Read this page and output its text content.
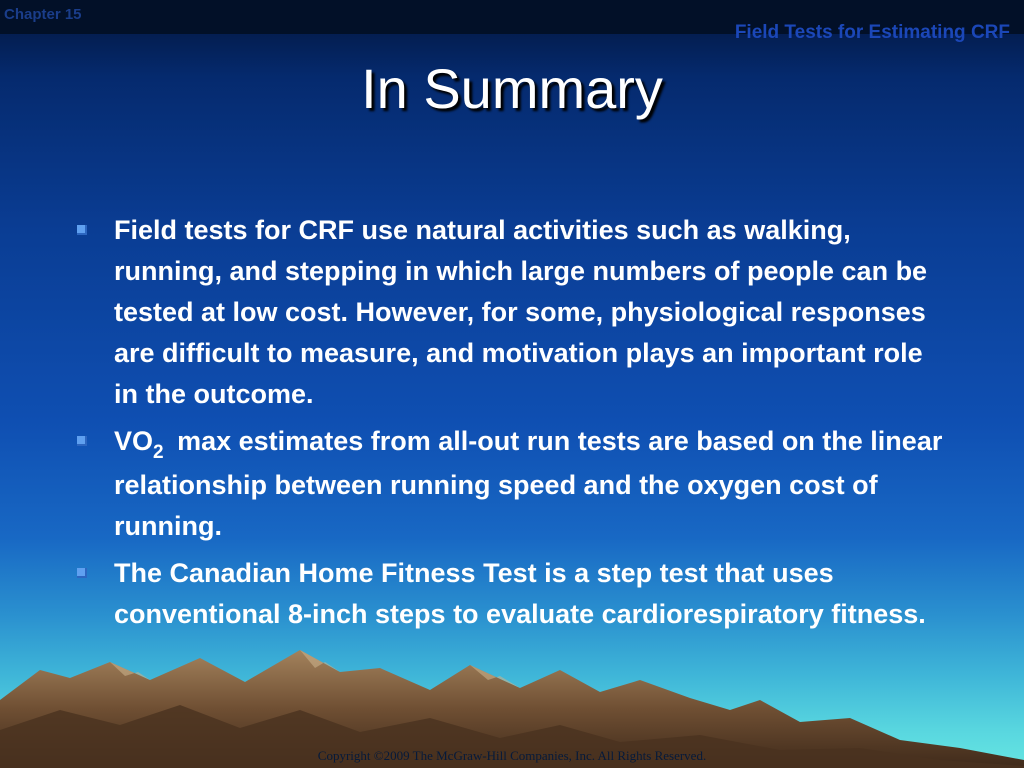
Chapter 15
Field Tests for Estimating CRF
In Summary
Field tests for CRF use natural activities such as walking, running, and stepping in which large numbers of people can be tested at low cost. However, for some, physiological responses are difficult to measure, and motivation plays an important role in the outcome.
$VO_2$ max estimates from all-out run tests are based on the linear relationship between running speed and the oxygen cost of running.
The Canadian Home Fitness Test is a step test that uses conventional 8-inch steps to evaluate cardiorespiratory fitness.
Copyright ©2009 The McGraw-Hill Companies, Inc. All Rights Reserved.
